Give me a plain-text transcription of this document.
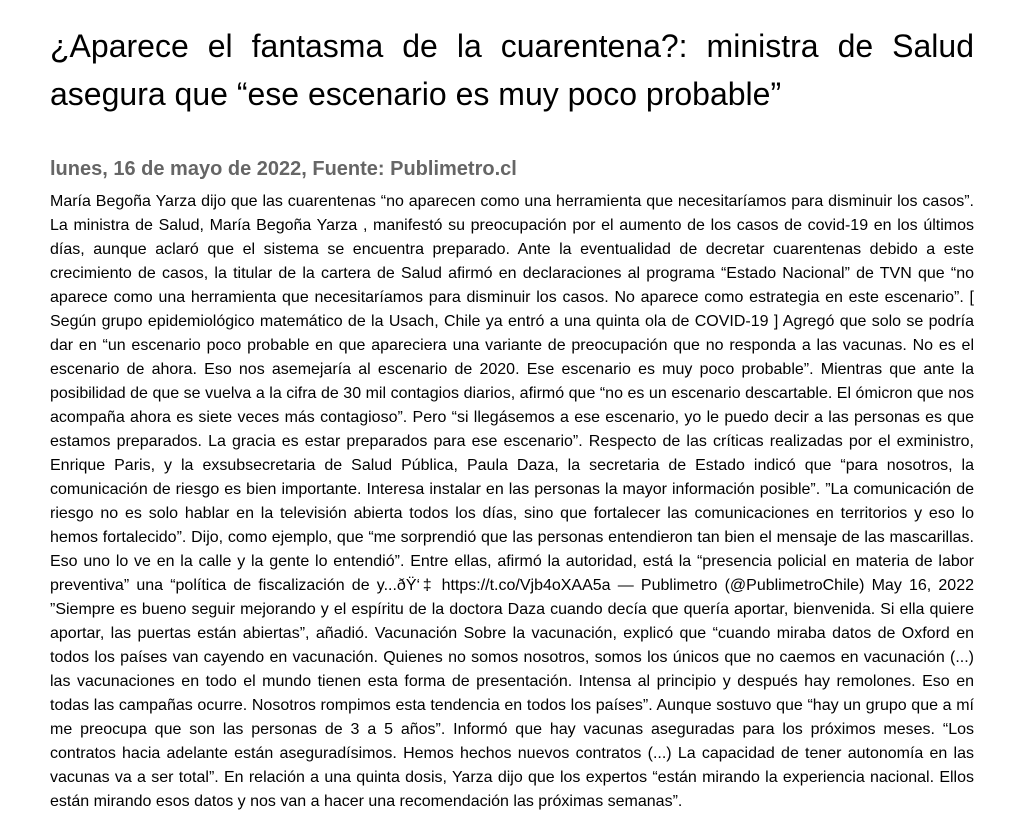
¿Aparece el fantasma de la cuarentena?: ministra de Salud asegura que “ese escenario es muy poco probable”
lunes, 16 de mayo de 2022, Fuente: Publimetro.cl

María Begoña Yarza dijo que las cuarentenas “no aparecen como una herramienta que necesitaríamos para disminuir los casos”. La ministra de Salud, María Begoña Yarza , manifestó su preocupación por el aumento de los casos de covid-19 en los últimos días, aunque aclaró que el sistema se encuentra preparado. Ante la eventualidad de decretar cuarentenas debido a este crecimiento de casos, la titular de la cartera de Salud afirmó en declaraciones al programa “Estado Nacional” de TVN que “no aparece como una herramienta que necesitaríamos para disminuir los casos. No aparece como estrategia en este escenario”. [ Según grupo epidemiológico matemático de la Usach, Chile ya entró a una quinta ola de COVID-19 ] Agregó que solo se podría dar en “un escenario poco probable en que apareciera una variante de preocupación que no responda a las vacunas. No es el escenario de ahora. Eso nos asemejaría al escenario de 2020. Ese escenario es muy poco probable”. Mientras que ante la posibilidad de que se vuelva a la cifra de 30 mil contagios diarios, afirmó que “no es un escenario descartable. El ómicron que nos acompaña ahora es siete veces más contagioso”. Pero “si llegásemos a ese escenario, yo le puedo decir a las personas es que estamos preparados. La gracia es estar preparados para ese escenario”. Respecto de las críticas realizadas por el exministro, Enrique Paris, y la exsubsecretaria de Salud Pública, Paula Daza, la secretaria de Estado indicó que “para nosotros, la comunicación de riesgo es bien importante. Interesa instalar en las personas la mayor información posible”. ”La comunicación de riesgo no es solo hablar en la televisión abierta todos los días, sino que fortalecer las comunicaciones en territorios y eso lo hemos fortalecido”. Dijo, como ejemplo, que “me sorprendió que las personas entendieron tan bien el mensaje de las mascarillas. Eso uno lo ve en la calle y la gente lo entendió”. Entre ellas, afirmó la autoridad, está la “presencia policial en materia de labor preventiva” una “política de fiscalización de y...ðŸ‘‡ https://t.co/Vjb4oXAA5a — Publimetro (@PublimetroChile) May 16, 2022 ”Siempre es bueno seguir mejorando y el espíritu de la doctora Daza cuando decía que quería aportar, bienvenida. Si ella quiere aportar, las puertas están abiertas”, añadió. Vacunación Sobre la vacunación, explicó que “cuando miraba datos de Oxford en todos los países van cayendo en vacunación. Quienes no somos nosotros, somos los únicos que no caemos en vacunación (...) las vacunaciones en todo el mundo tienen esta forma de presentación. Intensa al principio y después hay remolones. Eso en todas las campañas ocurre. Nosotros rompimos esta tendencia en todos los países”. Aunque sostuvo que “hay un grupo que a mí me preocupa que son las personas de 3 a 5 años”. Informó que hay vacunas aseguradas para los próximos meses. “Los contratos hacia adelante están aseguradísimos. Hemos hechos nuevos contratos (...) La capacidad de tener autonomía en las vacunas va a ser total”. En relación a una quinta dosis, Yarza dijo que los expertos “están mirando la experiencia nacional. Ellos están mirando esos datos y nos van a hacer una recomendación las próximas semanas”.
